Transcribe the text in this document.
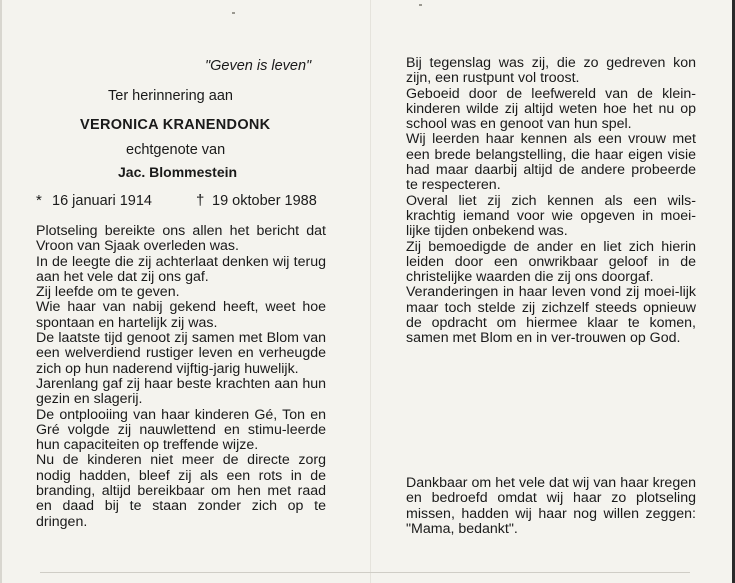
"Geven is leven"
Ter herinnering aan
VERONICA KRANENDONK
echtgenote van
Jac. Blommestein
* 16 januari 1914	† 19 oktober 1988

Plotseling bereikte ons allen het bericht dat Vroon van Sjaak overleden was.

In de leegte die zij achterlaat denken wij terug aan het vele dat zij ons gaf.

Zij leefde om te geven.

Wie haar van nabij gekend heeft, weet hoe spontaan en hartelijk zij was.

De laatste tijd genoot zij samen met Blom van een welverdiend rustiger leven en verheugde zich op hun naderend vijftig-jarig huwelijk.

Jarenlang gaf zij haar beste krachten aan hun gezin en slagerij.

De ontplooiing van haar kinderen Gé, Ton en Gré volgde zij nauwlettend en stimu-leerde hun capaciteiten op treffende wijze.

Nu de kinderen niet meer de directe zorg nodig hadden, bleef zij als een rots in de branding, altijd bereikbaar om hen met raad en daad bij te staan zonder zich op te dringen.

Bij tegenslag was zij, die zo gedreven kon zijn, een rustpunt vol troost.

Geboeid door de leefwereld van de klein-kinderen wilde zij altijd weten hoe het nu op school was en genoot van hun spel.

Wij leerden haar kennen als een vrouw met een brede belangstelling, die haar eigen visie had maar daarbij altijd de andere probeerde te respecteren.

Overal liet zij zich kennen als een wils-krachtig iemand voor wie opgeven in moei-lijke tijden onbekend was.

Zij bemoedigde de ander en liet zich hierin leiden door een onwrikbaar geloof in de christelijke waarden die zij ons doorgaf.

Veranderingen in haar leven vond zij moei-lijk maar toch stelde zij zichzelf steeds opnieuw de opdracht om hiermee klaar te komen, samen met Blom en in ver-trouwen op God.

Dankbaar om het vele dat wij van haar kregen en bedroefd omdat wij haar zo plotseling missen, hadden wij haar nog willen zeggen: "Mama, bedankt".
